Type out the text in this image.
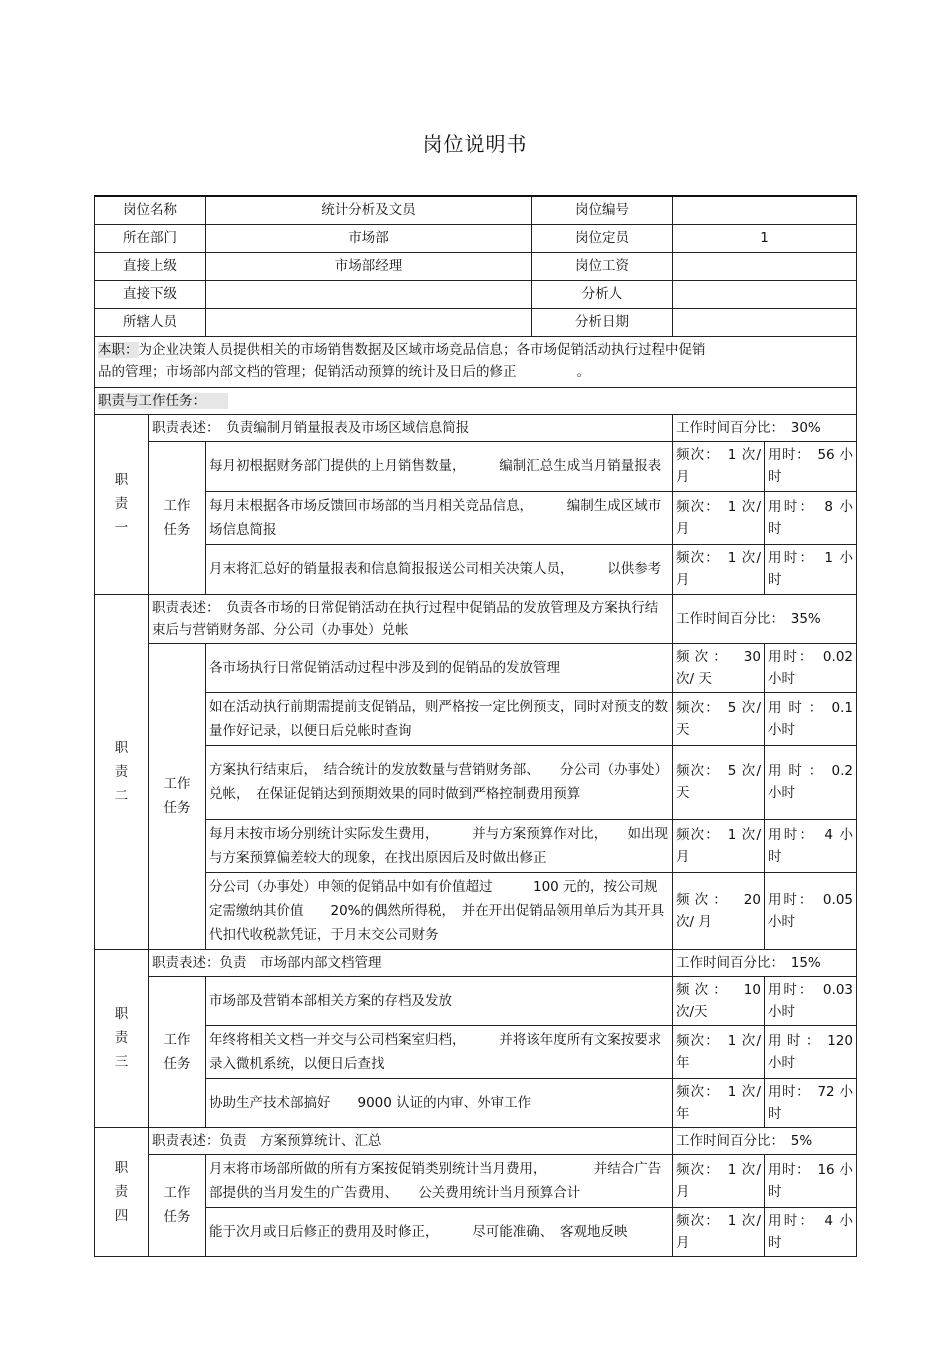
岗位说明书
岗位名称		统计分析及文员	岗位编号		
所在部门		市场部	岗位定员	1	
直接上级		市场部经理	岗位工资		
直接下级			分析人		
所辖人员			分析日期		
本职：为企业决策人员提供相关的市场销售数据及区域市场竞品信息；各市场促销活动执行过程中促销
品的管理；市场部内部文档的管理；促销活动预算的统计及日后的修正 。					
职责与工作任务：					

职责一	职责表述：　负责编制月销量报表及市场区域信息简报			工作时间百分比：　30%	

	工作任务	每月初根据财务部门提供的上月销售数量，　　　编制汇总生成当月销量报表		频次：　1 次/月	用时：　56 小时
		每月末根据各市场反馈回市场部的当月相关竞品信息，　　　编制生成区域市场信息简报		频次：　1 次/月	用时：　8 小时
		月末将汇总好的销量报表和信息简报报送公司相关决策人员，　　　以供参考		频次：　1 次/月	用时：　1 小时

职责二	职责表述：　负责各市场的日常促销活动在执行过程中促销品的发放管理及方案执行结束后与营销财务部、分公司（办事处）兑帐			工作时间百分比：　35%	

	工作任务	各市场执行日常促销活动过程中涉及到的促销品的发放管理		频次：　30 次/ 天	用时：　0.02 小时
		如在活动执行前期需提前支促销品，则严格按一定比例预支，同时对预支的数量作好记录，以便日后兑帐时查询		频次：　5 次/天	用 时 ：　0.1 小时
		方案执行结束后，　结合统计的发放数量与营销财务部、　　分公司（办事处）兑帐，　在保证促销达到预期效果的同时做到严格控制费用预算		频次：　5 次/天	用 时 ：　0.2 小时
		每月末按市场分别统计实际发生费用，　　　并与方案预算作对比，　　如出现与方案预算偏差较大的现象，在找出原因后及时做出修正		频次：　1 次/月	用时：　4 小时
		分公司（办事处）申领的促销品中如有价值超过　　　100 元的，按公司规定需缴纳其价值　　20%的偶然所得税，　并在开出促销品领用单后为其开具代扣代收税款凭证，于月末交公司财务		频次：　20 次/ 月	用时：　0.05 小时

职责三	职责表述：负责　市场部内部文档管理			工作时间百分比：　15%	

	工作任务	市场部及营销本部相关方案的存档及发放		频次：　10 次/天	用时：　0.03 小时
		年终将相关文档一并交与公司档案室归档，　　　并将该年度所有文案按要求录入微机系统，以便日后查找		频次：　1 次/年	用 时 ：　120 小时
		协助生产技术部搞好　　9000 认证的内审、外审工作		频次：　1 次/年	用时：　72 小时

职责四	职责表述：负责　方案预算统计、汇总			工作时间百分比：　5%	

	工作任务	月末将市场部所做的所有方案按促销类别统计当月费用，　　　　并结合广告部提供的当月发生的广告费用、　　公关费用统计当月预算合计		频次：　1 次/月	用时：　16 小时
		能于次月或日后修正的费用及时修正，　　　尽可能准确、　客观地反映		频次：　1 次/月	用时：　4 小时
